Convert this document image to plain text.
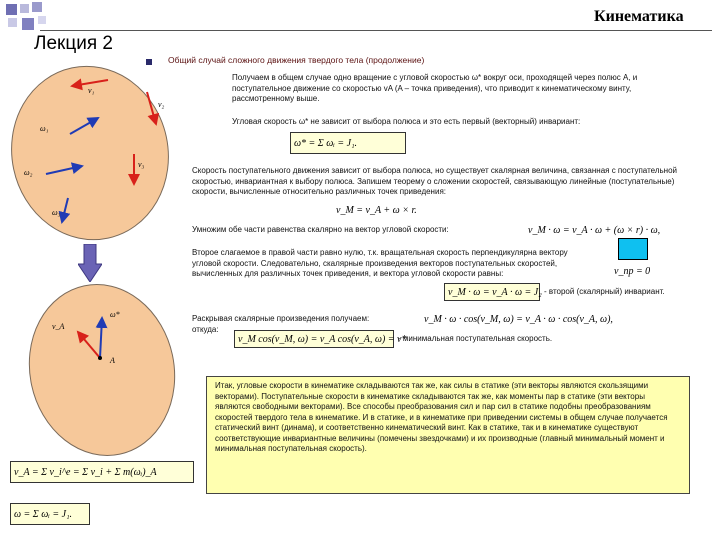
Лекция 2
Кинематика
Общий случай сложного движения твердого тела (продолжение)
v₁
v₂
v₃
ω₁
ω₂
ω₃
v_A
ω*
A
Получаем в общем случае одно вращение с угловой скоростью ω* вокруг оси, проходящей через полюс A, и поступательное движение со скоростью vA (A – точка приведения), что приводит к кинематическому винту, рассмотренному выше.
Угловая скорость ω* не зависит от выбора полюса и это есть первый (векторный) инвариант:
ω* = Σ ωᵢ = J₁.
Скорость поступательного движения зависит от выбора полюса, но существует скалярная величина, связанная с поступательной скоростью, инвариантная к выбору полюса. Запишем теорему о сложении скоростей, связывающую линейные (поступательные) скорости, вычисленные относительно различных точек приведения:
v_M = v_A + ω × r.
Умножим обе части равенства скалярно на вектор угловой скорости:	v_M · ω = v_A · ω + (ω × r) · ω,
v_пр = 0
Второе слагаемое в правой части равно нулю, т.к. вращательная скорость перпендикулярна вектору угловой скорости. Следовательно, скалярные произведения векторов поступательных скоростей, вычисленных для различных точек приведения, и вектора угловой скорости равны:
v_M · ω = v_A · ω = J₂ - второй (скалярный) инвариант.
Раскрывая скалярные произведения получаем:
откуда:
v_M · ω · cos(v_M, ω) = v_A · ω · cos(v_A, ω),
v_M cos(v_M, ω) = v_A cos(v_A, ω) = v*
- минимальная поступательная скорость.
Итак, угловые скорости в кинематике складываются так же, как силы в статике (эти векторы являются скользящими векторами). Поступательные скорости в кинематике складываются так же, как моменты пар в статике (эти векторы являются свободными векторами). Все способы преобразования сил и пар сил в статике подобны преобразованиям скоростей твердого тела в кинематике. И в статике, и в кинематике при приведении системы в общем случае получается статический винт (динама), и соответственно кинематический винт. Как в статике, так и в кинематике существуют соответствующие инвариантные величины (помечены звездочками) и их производные (главный минимальный момент и минимальная поступательная скорость).
v_A = Σ v_i^e = Σ v_i + Σ m(ωᵢ)_A
ω = Σ ωᵢ = J₁.
